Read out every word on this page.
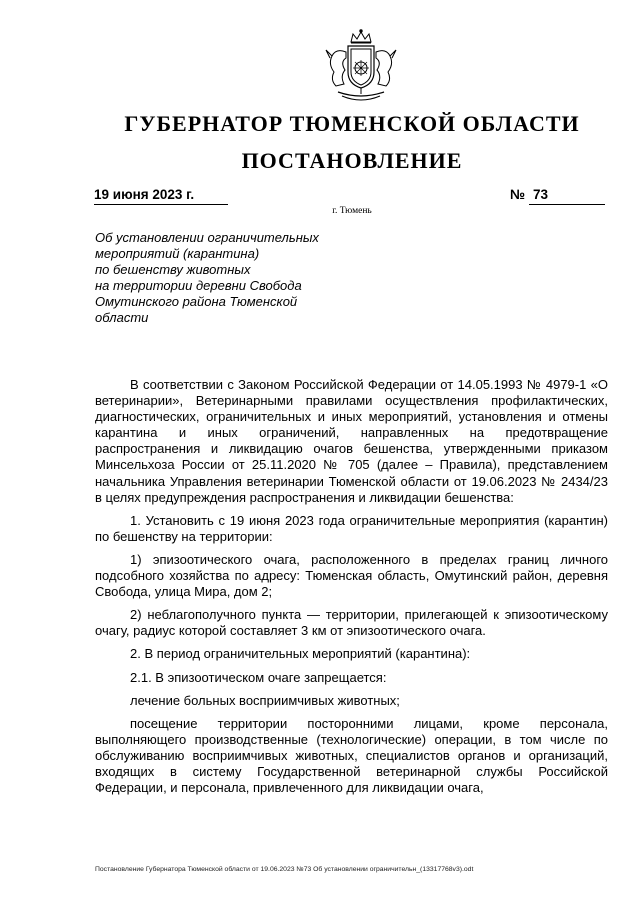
ГУБЕРНАТОР ТЮМЕНСКОЙ ОБЛАСТИ
ПОСТАНОВЛЕНИЕ
19 июня 2023 г.	№ 73
г. Тюмень
Об установлении ограничительных
мероприятий (карантина)
по бешенству животных
на территории деревни Свобода
Омутинского района Тюменской
области

В соответствии с Законом Российской Федерации от 14.05.1993 № 4979-1 «О ветеринарии», Ветеринарными правилами осуществления профилактических, диагностических, ограничительных и иных мероприятий, установления и отмены карантина и иных ограничений, направленных на предотвращение распространения и ликвидацию очагов бешенства, утвержденными приказом Минсельхоза России от 25.11.2020 № 705 (далее – Правила), представлением начальника Управления ветеринарии Тюменской области от 19.06.2023 № 2434/23 в целях предупреждения распространения и ликвидации бешенства:

1. Установить с 19 июня 2023 года ограничительные мероприятия (карантин) по бешенству на территории:

1) эпизоотического очага, расположенного в пределах границ личного подсобного хозяйства по адресу: Тюменская область, Омутинский район, деревня Свобода, улица Мира, дом 2;

2) неблагополучного пункта — территории, прилегающей к эпизоотическому очагу, радиус которой составляет 3 км от эпизоотического очага.

2. В период ограничительных мероприятий (карантина):

2.1. В эпизоотическом очаге запрещается:

лечение больных восприимчивых животных;

посещение территории посторонними лицами, кроме персонала, выполняющего производственные (технологические) операции, в том числе по обслуживанию восприимчивых животных, специалистов органов и организаций, входящих в систему Государственной ветеринарной службы Российской Федерации, и персонала, привлеченного для ликвидации очага,

Постановление Губернатора Тюменской области от 19.06.2023 №73 Об установлении ограничительн_(13317768v3).odt
